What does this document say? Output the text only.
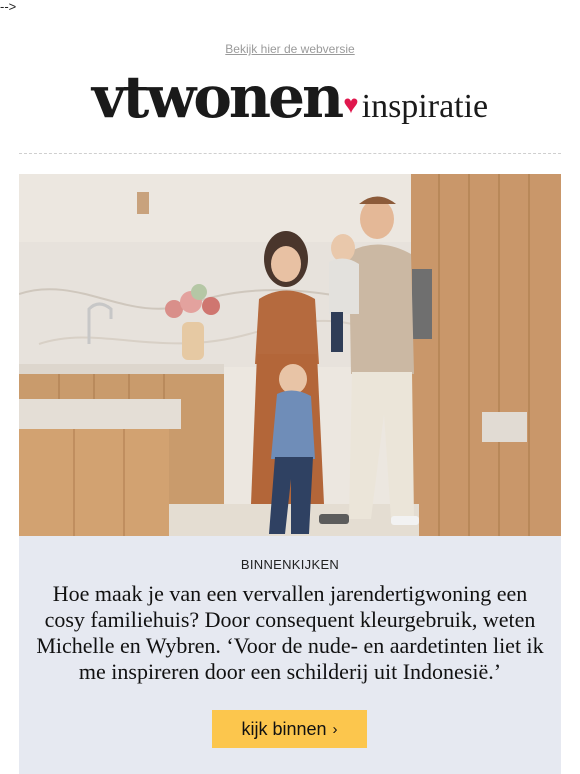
-->
Bekijk hier de webversie
vtwonen ♥ inspiratie
BINNENKIJKEN
Hoe maak je van een vervallen jarendertigwoning een cosy familiehuis? Door consequent kleurgebruik, weten Michelle en Wybren. ‘Voor de nude- en aardetinten liet ik me inspireren door een schilderij uit Indonesië.’
kijk binnen ›
